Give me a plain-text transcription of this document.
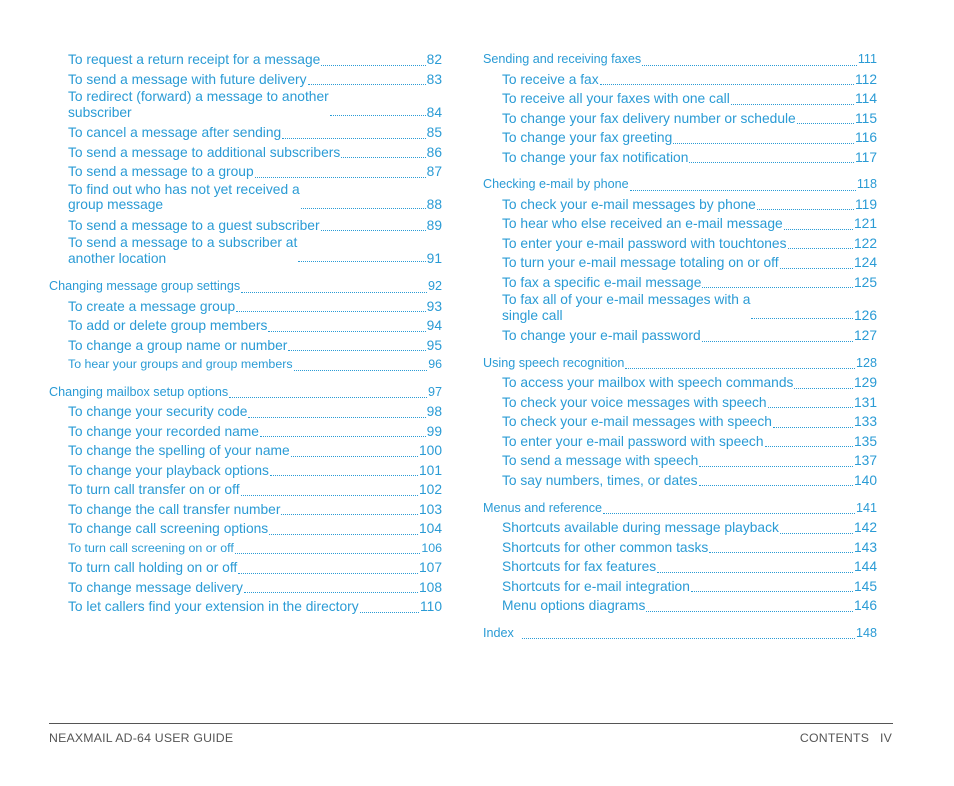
To request a return receipt for a message	82
To send a message with future delivery	83
To redirect (forward) a message to another
subscriber	84
To cancel a message after sending	85
To send a message to additional subscribers	86
To send a message to a group	87
To find out who has not yet received a
group message	88
To send a message to a guest subscriber	89
To send a message to a subscriber at
another location	91
Changing message group settings	92
To create a message group	93
To add or delete group members	94
To change a group name or number	95
To hear your groups and group members	96
Changing mailbox setup options	97
To change your security code	98
To change your recorded name	99
To change the spelling of your name	100
To change your playback options	101
To turn call transfer on or off	102
To change the call transfer number	103
To change call screening options	104
To turn call screening on or off	106
To turn call holding on or off	107
To change message delivery	108
To let callers find your extension in the directory	110
Sending and receiving faxes	111
To receive a fax	112
To receive all your faxes with one call	114
To change your fax delivery number or schedule	115
To change your fax greeting	116
To change your fax notification	117
Checking e-mail by phone	118
To check your e-mail messages by phone	119
To hear who else received an e-mail message	121
To enter your e-mail password with touchtones	122
To turn your e-mail message totaling on or off	124
To fax a specific e-mail message	125
To fax all of your e-mail messages with a
single call	126
To change your e-mail password	127
Using speech recognition	128
To access your mailbox with speech commands	129
To check your voice messages with speech	131
To check your e-mail messages with speech	133
To enter your e-mail password with speech	135
To send a message with speech	137
To say numbers, times, or dates	140
Menus and reference	141
Shortcuts available during message playback	142
Shortcuts for other common tasks	143
Shortcuts for fax features	144
Shortcuts for e-mail integration	145
Menu options diagrams	146
Index	148
NEAXMAIL AD-64 USER GUIDE	CONTENTS   IV
